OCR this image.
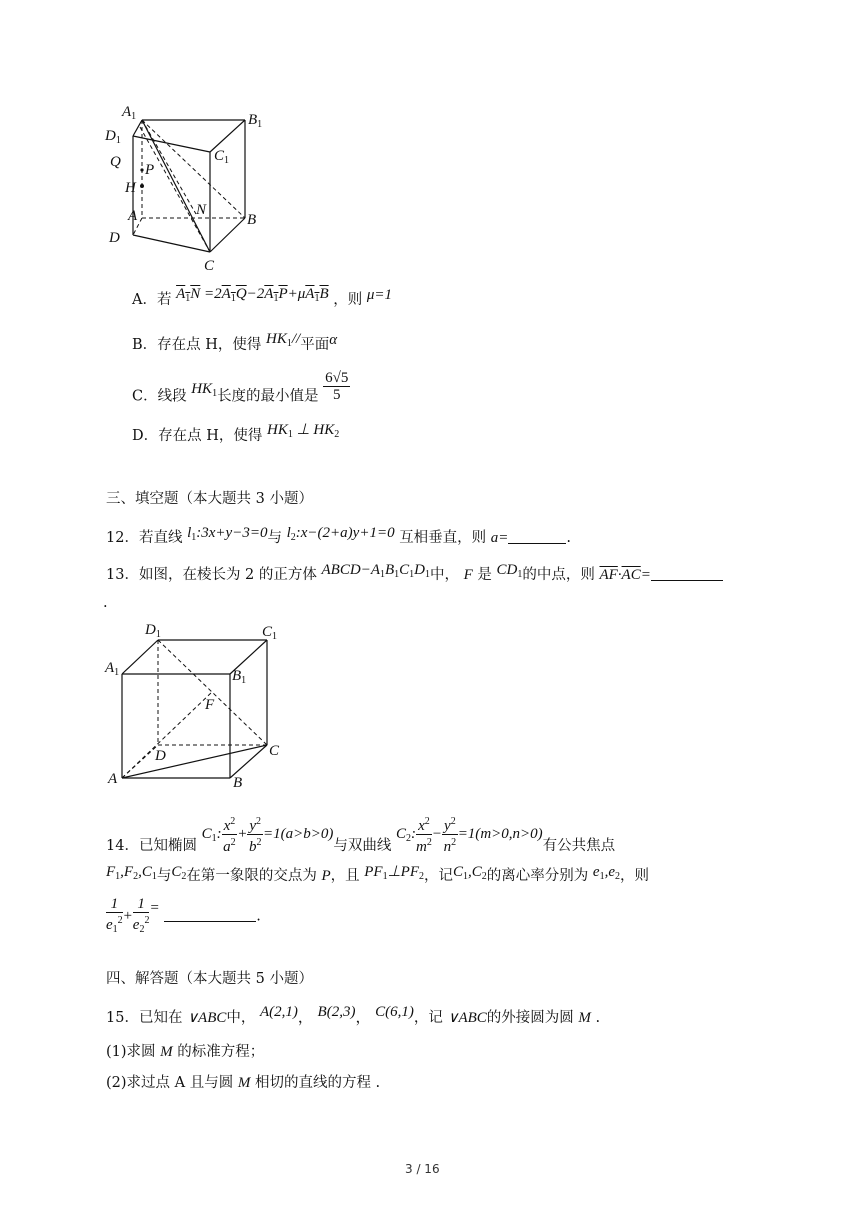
$A_1$	$B_1$
$D_1$
$C_1$
Q P
H
N
A	B
D
C
A．若 $A_1N =2A_1Q-2A_1P+\mu A_1B$ ，则 μ=1
B．存在点 H，使得 $HK_1//$平面α
C．线段 $HK_1$长度的最小值是 $\frac{6√5}{5}$
D．存在点 H，使得 $HK_1$ ⊥ $HK_2$
三、填空题（本大题共 3 小题）
12．若直线 $l_1:3x+y-3=0$与 $l_2:x-(2+a)y+1=0$ 互相垂直，则 a=	.
13．如图，在棱长为 2 的正方体 $ABCD-A_1B_1C_1D_1$中， F 是 $CD_1$的中点，则 $\overline{AF}\cdot\overline{AC}=$
.
$D_1$	$C_1$
$A_1$	$B_1$
F
D	C
A	B
14．已知椭圆 $C_1$: $\frac{x^2}{a^2} + \frac{y^2}{b^2} =1(a>b>0)$与双曲线 $C_2$: $\frac{x^2}{m^2} - \frac{y^2}{n^2} =1(m>0,n>0)$有公共焦点
$F_1,F_2,C_1$与$C_2$在第一象限的交点为 P，且 $PF_1\perp PF_2$，记$C_1,C_2$的离心率分别为 $e_1,e_2$，则
$\frac{1}{e_1^2} + \frac{1}{e_2^2}$ =	.
四、解答题（本大题共 5 小题）
15．已知在 ∨ABC中， A(2,1)， B(2,3)， C(6,1)，记 ∨ABC的外接圆为圆 M .
(1)求圆 M 的标准方程；
(2)求过点 A 且与圆 M 相切的直线的方程 .
3 / 16
